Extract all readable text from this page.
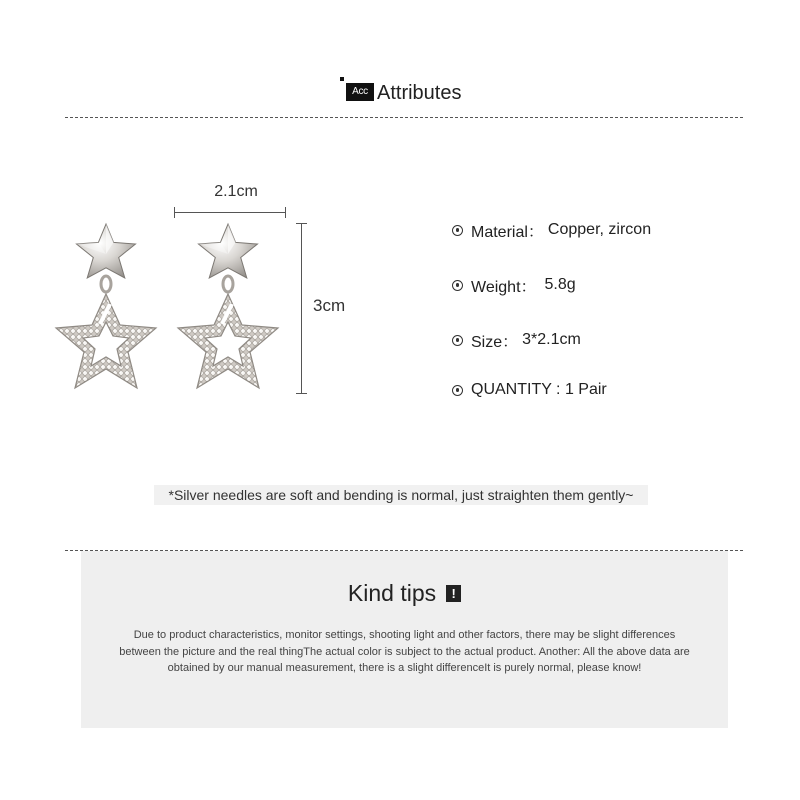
Acc Attributes
2.1cm
3cm
Material： Copper, zircon
Weight： 5.8g
Size： 3*2.1cm
QUANTITY : 1 Pair
*Silver needles are soft and bending is normal, just straighten them gently~
Kind tips	!
Due to product characteristics, monitor settings, shooting light and other factors, there may be slight differences between the picture and the real thingThe actual color is subject to the actual product. Another: All the above data are obtained by our manual measurement, there is a slight differenceIt is purely normal, please know!
